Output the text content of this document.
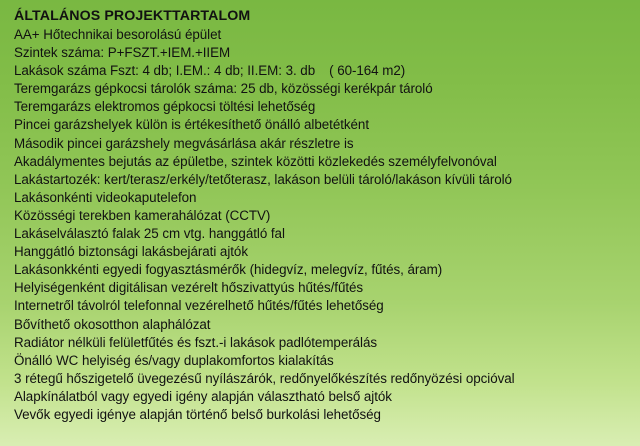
ÁLTALÁNOS PROJEKTTARTALOM
AA+ Hőtechnikai besorolású épület
Szintek száma: P+FSZT.+IEM.+IIEM
Lakások száma Fszt: 4 db; I.EM.: 4 db; II.EM: 3. db ( 60-164 m2)
Teremgarázs gépkocsi tárolók száma: 25 db, közösségi kerékpár tároló
Teremgarázs elektromos gépkocsi töltési lehetőség
Pincei garázshelyek külön is értékesíthető önálló albetétként
Második pincei garázshely megvásárlása akár részletre is
Akadálymentes bejutás az épületbe, szintek közötti közlekedés személyfelvonóval
Lakástartozék: kert/terasz/erkély/tetőterasz, lakáson belüli tároló/lakáson kívüli tároló
Lakásonkénti videokaputelefon
Közösségi terekben kamerahálózat (CCTV)
Lakáselválasztó falak 25 cm vtg. hanggátló fal
Hanggátló biztonsági lakásbejárati ajtók
Lakásonkkénti egyedi fogyasztásmérők (hidegvíz, melegvíz, fűtés, áram)
Helyiségenként digitálisan vezérelt hőszivattyús hűtés/fűtés
Internetről távolról telefonnal vezérelhető hűtés/fűtés lehetőség
Bővíthető okosotthon alaphálózat
Radiátor nélküli felületfűtés és fszt.-i lakások padlótemperálás
Önálló WC helyiség és/vagy duplakomfortos kialakítás
3 rétegű hőszigetelő üvegezésű nyílászárók, redőnyelőkészítés redőnyözési opcióval
Alapkínálatból vagy egyedi igény alapján választható belső ajtók
Vevők egyedi igénye alapján történő belső burkolási lehetőség
